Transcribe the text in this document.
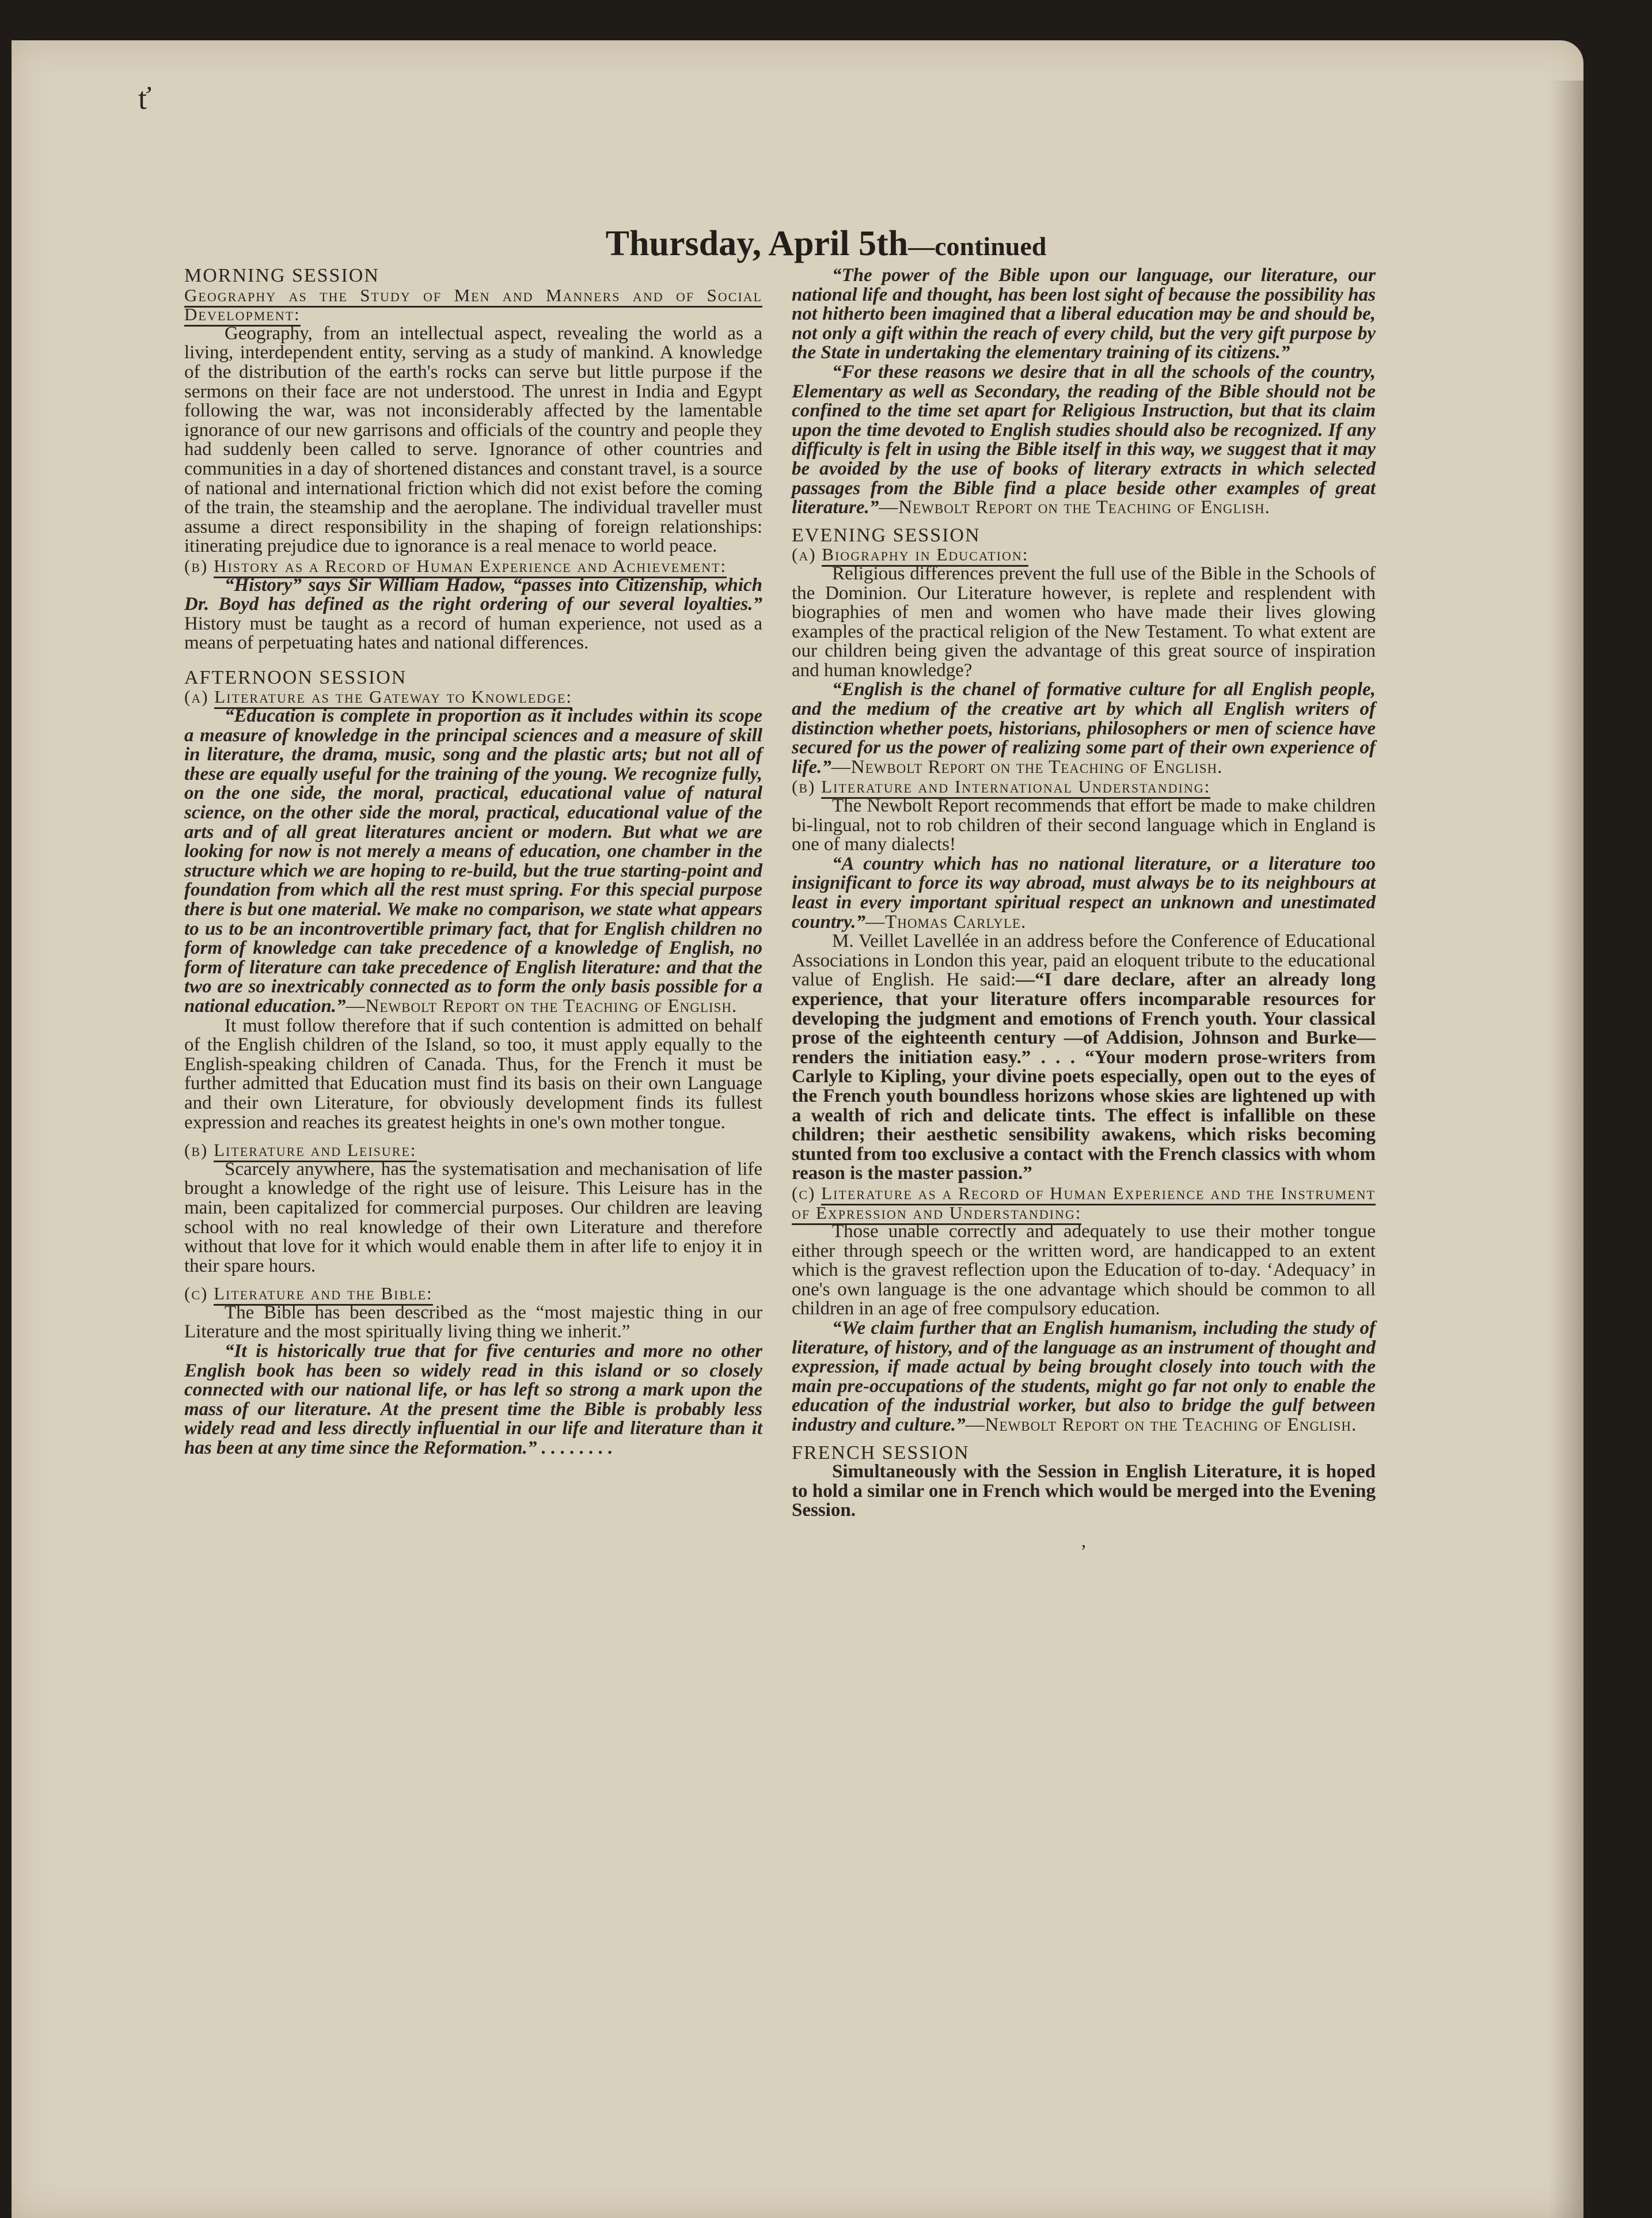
ť
Thursday, April 5th—continued

MORNING SESSION

Geography as the Study of Men and Manners and of Social Development:

Geography, from an intellectual aspect, revealing the world as a living, interdependent entity, serving as a study of mankind. A knowledge of the distribution of the earth's rocks can serve but little purpose if the sermons on their face are not understood. The unrest in India and Egypt following the war, was not inconsiderably affected by the lamentable ignorance of our new garrisons and officials of the country and people they had suddenly been called to serve. Ignorance of other countries and communities in a day of shortened distances and constant travel, is a source of national and international friction which did not exist before the coming of the train, the steamship and the aeroplane. The individual traveller must assume a direct responsibility in the shaping of foreign relationships: itinerating prejudice due to ignorance is a real menace to world peace.

(b) History as a Record of Human Experience and Achievement:

“History” says Sir William Hadow, “passes into Citizenship, which Dr. Boyd has defined as the right ordering of our several loyalties.” History must be taught as a record of human experience, not used as a means of perpetuating hates and national differences.

AFTERNOON SESSION

(a) Literature as the Gateway to Knowledge:

“Education is complete in proportion as it includes within its scope a measure of knowledge in the principal sciences and a measure of skill in literature, the drama, music, song and the plastic arts; but not all of these are equally useful for the training of the young. We recognize fully, on the one side, the moral, practical, educational value of natural science, on the other side the moral, practical, educational value of the arts and of all great literatures ancient or modern. But what we are looking for now is not merely a means of education, one chamber in the structure which we are hoping to re-build, but the true starting-point and foundation from which all the rest must spring. For this special purpose there is but one material. We make no comparison, we state what appears to us to be an incontrovertible primary fact, that for English children no form of knowledge can take precedence of a knowledge of English, no form of literature can take precedence of English literature: and that the two are so inextricably connected as to form the only basis possible for a national education.”—Newbolt Report on the Teaching of English.

It must follow therefore that if such contention is admitted on behalf of the English children of the Island, so too, it must apply equally to the English-speaking children of Canada. Thus, for the French it must be further admitted that Education must find its basis on their own Language and their own Literature, for obviously development finds its fullest expression and reaches its greatest heights in one's own mother tongue.

(b) Literature and Leisure:

Scarcely anywhere, has the systematisation and mechanisation of life brought a knowledge of the right use of leisure. This Leisure has in the main, been capitalized for commercial purposes. Our children are leaving school with no real knowledge of their own Literature and therefore without that love for it which would enable them in after life to enjoy it in their spare hours.

(c) Literature and the Bible:

The Bible has been described as the “most majestic thing in our Literature and the most spiritually living thing we inherit.”

“It is historically true that for five centuries and more no other English book has been so widely read in this island or so closely connected with our national life, or has left so strong a mark upon the mass of our literature. At the present time the Bible is probably less widely read and less directly influential in our life and literature than it has been at any time since the Reformation.” . . . . . . . .

“The power of the Bible upon our language, our literature, our national life and thought, has been lost sight of because the possibility has not hitherto been imagined that a liberal education may be and should be, not only a gift within the reach of every child, but the very gift purpose by the State in undertaking the elementary training of its citizens.”

“For these reasons we desire that in all the schools of the country, Elementary as well as Secondary, the reading of the Bible should not be confined to the time set apart for Religious Instruction, but that its claim upon the time devoted to English studies should also be recognized. If any difficulty is felt in using the Bible itself in this way, we suggest that it may be avoided by the use of books of literary extracts in which selected passages from the Bible find a place beside other examples of great literature.”—Newbolt Report on the Teaching of English.

EVENING SESSION

(a) Biography in Education:

Religious differences prevent the full use of the Bible in the Schools of the Dominion. Our Literature however, is replete and resplendent with biographies of men and women who have made their lives glowing examples of the practical religion of the New Testament. To what extent are our children being given the advantage of this great source of inspiration and human knowledge?

“English is the chanel of formative culture for all English people, and the medium of the creative art by which all English writers of distinction whether poets, historians, philosophers or men of science have secured for us the power of realizing some part of their own experience of life.”—Newbolt Report on the Teaching of English.

(b) Literature and International Understanding:

The Newbolt Report recommends that effort be made to make children bi-lingual, not to rob children of their second language which in England is one of many dialects!

“A country which has no national literature, or a literature too insignificant to force its way abroad, must always be to its neighbours at least in every important spiritual respect an unknown and unestimated country.”—Thomas Carlyle.

M. Veillet Lavellée in an address before the Conference of Educational Associations in London this year, paid an eloquent tribute to the educational value of English. He said:—“I dare declare, after an already long experience, that your literature offers incomparable resources for developing the judgment and emotions of French youth. Your classical prose of the eighteenth century —of Addision, Johnson and Burke—renders the initiation easy.” . . . “Your modern prose-writers from Carlyle to Kipling, your divine poets especially, open out to the eyes of the French youth boundless horizons whose skies are lightened up with a wealth of rich and delicate tints. The effect is infallible on these children; their aesthetic sensibility awakens, which risks becoming stunted from too exclusive a contact with the French classics with whom reason is the master passion.”

(c) Literature as a Record of Human Experience and the Instrument of Expression and Understanding:

Those unable correctly and adequately to use their mother tongue either through speech or the written word, are handicapped to an extent which is the gravest reflection upon the Education of to-day. ‘Adequacy’ in one's own language is the one advantage which should be common to all children in an age of free compulsory education.

“We claim further that an English humanism, including the study of literature, of history, and of the language as an instrument of thought and expression, if made actual by being brought closely into touch with the main pre-occupations of the students, might go far not only to enable the education of the industrial worker, but also to bridge the gulf between industry and culture.”—Newbolt Report on the Teaching of English.

FRENCH SESSION

Simultaneously with the Session in English Literature, it is hoped to hold a similar one in French which would be merged into the Evening Session.

,
